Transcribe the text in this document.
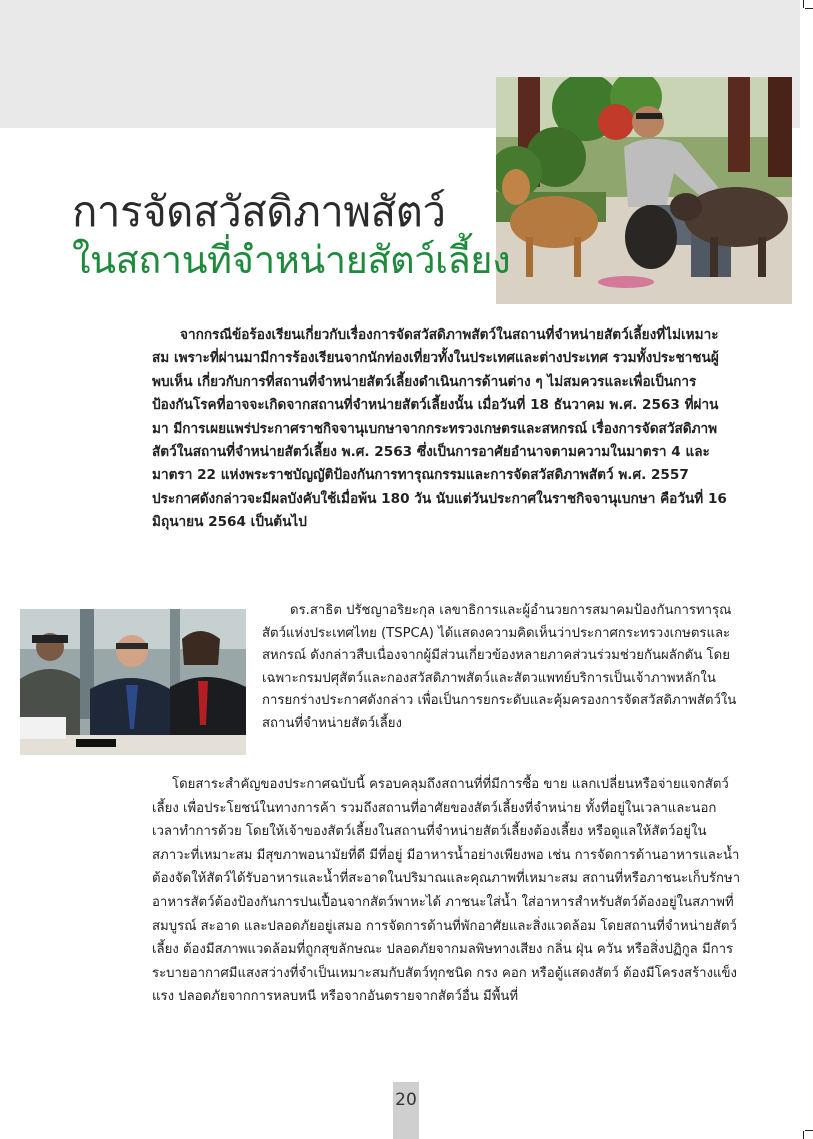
การจัดสวัสดิภาพสัตว์
ในสถานที่จำหน่ายสัตว์เลี้ยง

จากกรณีข้อร้องเรียนเกี่ยวกับเรื่องการจัดสวัสดิภาพสัตว์ในสถานที่จำหน่ายสัตว์เลี้ยงที่ไม่เหมาะสม เพราะที่ผ่านมามีการร้องเรียนจากนักท่องเที่ยวทั้งในประเทศและต่างประเทศ รวมทั้งประชาชนผู้พบเห็น เกี่ยวกับการที่สถานที่จำหน่ายสัตว์เลี้ยงดำเนินการด้านต่าง ๆ ไม่สมควรและเพื่อเป็นการป้องกันโรคที่อาจจะเกิดจากสถานที่จำหน่ายสัตว์เลี้ยงนั้น เมื่อวันที่ 18 ธันวาคม พ.ศ. 2563 ที่ผ่านมา มีการเผยแพร่ประกาศราชกิจจานุเบกษาจากกระทรวงเกษตรและสหกรณ์ เรื่องการจัดสวัสดิภาพสัตว์ในสถานที่จำหน่ายสัตว์เลี้ยง พ.ศ. 2563 ซึ่งเป็นการอาศัยอำนาจตามความในมาตรา 4 และมาตรา 22 แห่งพระราชบัญญัติป้องกันการทารุณกรรมและการจัดสวัสดิภาพสัตว์ พ.ศ. 2557 ประกาศดังกล่าวจะมีผลบังคับใช้เมื่อพ้น 180 วัน นับแต่วันประกาศในราชกิจจานุเบกษา คือวันที่ 16 มิถุนายน 2564 เป็นต้นไป

ดร.สาธิต ปรัชญาอริยะกุล เลขาธิการและผู้อำนวยการสมาคมป้องกันการทารุณสัตว์แห่งประเทศไทย (TSPCA) ได้แสดงความคิดเห็นว่าประกาศกระทรวงเกษตรและสหกรณ์ ดังกล่าวสืบเนื่องจากผู้มีส่วนเกี่ยวข้องหลายภาคส่วนร่วมช่วยกันผลักดัน โดยเฉพาะกรมปศุสัตว์และกองสวัสดิภาพสัตว์และสัตวแพทย์บริการเป็นเจ้าภาพหลักในการยกร่างประกาศดังกล่าว เพื่อเป็นการยกระดับและคุ้มครองการจัดสวัสดิภาพสัตว์ในสถานที่จำหน่ายสัตว์เลี้ยง

โดยสาระสำคัญของประกาศฉบับนี้ ครอบคลุมถึงสถานที่ที่มีการซื้อ ขาย แลกเปลี่ยนหรือจ่ายแจกสัตว์เลี้ยง เพื่อประโยชน์ในทางการค้า รวมถึงสถานที่อาศัยของสัตว์เลี้ยงที่จำหน่าย ทั้งที่อยู่ในเวลาและนอกเวลาทำการด้วย โดยให้เจ้าของสัตว์เลี้ยงในสถานที่จำหน่ายสัตว์เลี้ยงต้องเลี้ยง หรือดูแลให้สัตว์อยู่ในสภาวะที่เหมาะสม มีสุขภาพอนามัยที่ดี มีที่อยู่ มีอาหารน้ำอย่างเพียงพอ เช่น การจัดการด้านอาหารและน้ำ ต้องจัดให้สัตว์ได้รับอาหารและน้ำที่สะอาดในปริมาณและคุณภาพที่เหมาะสม สถานที่หรือภาชนะเก็บรักษาอาหารสัตว์ต้องป้องกันการปนเปื้อนจากสัตว์พาหะได้ ภาชนะใส่น้ำ ใส่อาหารสำหรับสัตว์ต้องอยู่ในสภาพที่สมบูรณ์ สะอาด และปลอดภัยอยู่เสมอ การจัดการด้านที่พักอาศัยและสิ่งแวดล้อม โดยสถานที่จำหน่ายสัตว์เลี้ยง ต้องมีสภาพแวดล้อมที่ถูกสุขลักษณะ ปลอดภัยจากมลพิษทางเสียง กลิ่น ฝุ่น ควัน หรือสิ่งปฏิกูล มีการระบายอากาศมีแสงสว่างที่จำเป็นเหมาะสมกับสัตว์ทุกชนิด กรง คอก หรือตู้แสดงสัตว์ ต้องมีโครงสร้างแข็งแรง ปลอดภัยจากการหลบหนี หรือจากอันตรายจากสัตว์อื่น มีพื้นที่

20
